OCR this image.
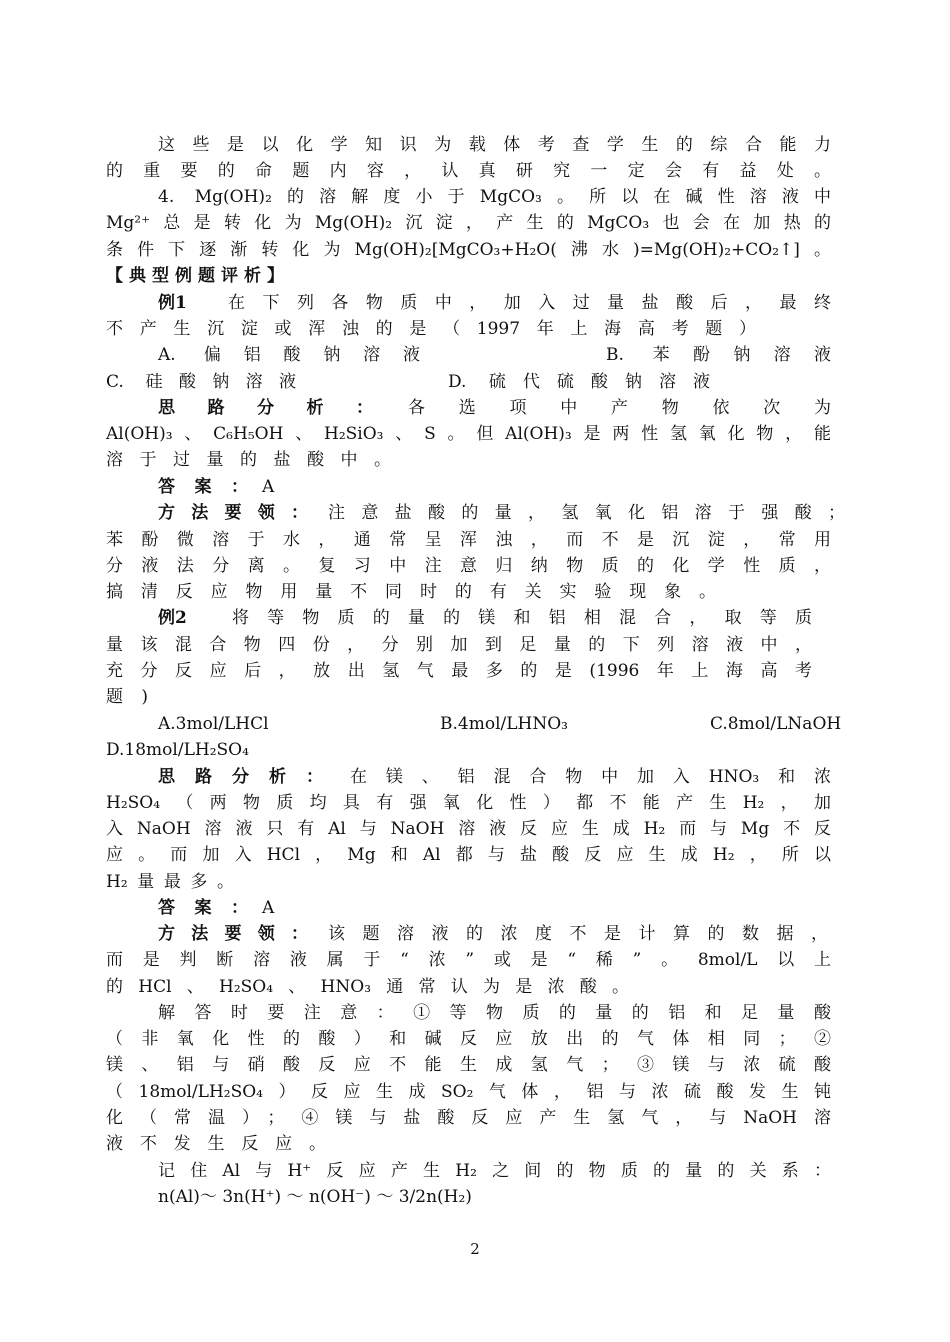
这些是以化学知识为载体考查学生的综合能力
的重要的命题内容，认真研究一定会有益处。
4. Mg(OH)₂的溶解度小于MgCO₃。所以在碱性溶液中
Mg²⁺总是转化为Mg(OH)₂沉淀，产生的MgCO₃也会在加热的
条件下逐渐转化为Mg(OH)₂[MgCO₃+H₂O(沸水)=Mg(OH)₂+CO₂↑]。
【典型例题评析】
例1 在下列各物质中，加入过量盐酸后，最终
不产生沉淀或浑浊的是（1997年上海高考题）
A. 偏铝酸钠溶液	B. 苯酚钠溶液
C. 硅酸钠溶液	D. 硫代硫酸钠溶液
思路分析： 各选项中产物依次为
Al(OH)₃、C₆H₅OH、H₂SiO₃、S。但Al(OH)₃是两性氢氧化物，能
溶于过量的盐酸中。
答案： A
方法要领： 注意盐酸的量，氢氧化铝溶于强酸；
苯酚微溶于水，通常呈浑浊，而不是沉淀，常用
分液法分离。复习中注意归纳物质的化学性质，
搞清反应物用量不同时的有关实验现象。
例2	将等物质的量的镁和铝相混合，取等质
量该混合物四份，分别加到足量的下列溶液中，
充分反应后，放出氢气最多的是(1996年上海高考
题)
A.3mol/LHCl	B.4mol/LHNO₃	C.8mol/LNaOH
D.18mol/LH₂SO₄
思路分析： 在镁、铝混合物中加入HNO₃和浓
H₂SO₄（两物质均具有强氧化性）都不能产生H₂，加
入NaOH溶液只有Al与NaOH溶液反应生成H₂而与Mg不反
应。而加入HCl，Mg和Al都与盐酸反应生成H₂，所以
H₂量最多。
答案： A
方法要领： 该题溶液的浓度不是计算的数据，
而是判断溶液属于“浓”或是“稀”。8mol/L以上
的HCl、H₂SO₄、HNO₃通常认为是浓酸。
解答时要注意：①等物质的量的铝和足量酸
（非氧化性的酸）和碱反应放出的气体相同；②
镁、铝与硝酸反应不能生成氢气；③镁与浓硫酸
（18mol/LH₂SO₄）反应生成SO₂气体，铝与浓硫酸发生钝
化（常温）；④镁与盐酸反应产生氢气，与NaOH溶
液不发生反应。
记住Al与H⁺反应产生H₂之间的物质的量的关系：
n(Al)～ 3n(H⁺) ～ n(OH⁻) ～ 3/2n(H₂)
2
